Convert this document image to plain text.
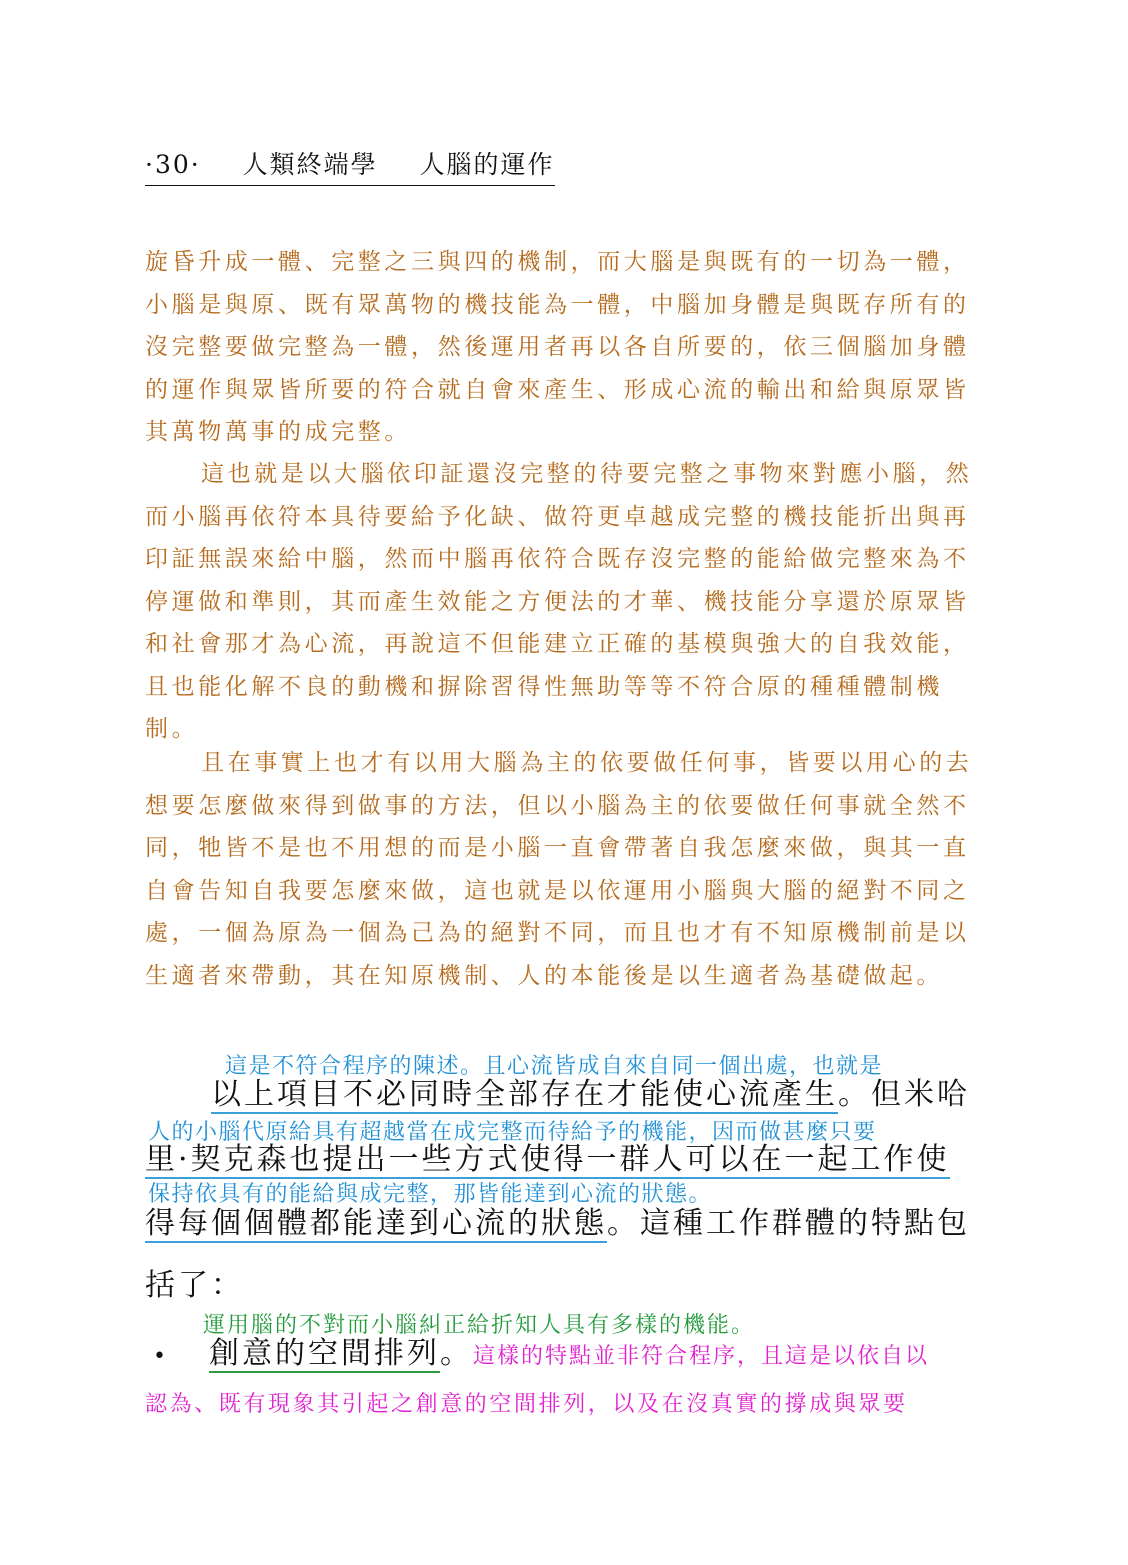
·30· 人類終端學 人腦的運作
旋昏升成一體、完整之三與四的機制，而大腦是與既有的一切為一體，小腦是與原、既有眾萬物的機技能為一體，中腦加身體是與既存所有的沒完整要做完整為一體，然後運用者再以各自所要的，依三個腦加身體的運作與眾皆所要的符合就自會來產生、形成心流的輸出和給與原眾皆其萬物萬事的成完整。
這也就是以大腦依印証還沒完整的待要完整之事物來對應小腦，然而小腦再依符本具待要給予化缺、做符更卓越成完整的機技能折出與再印証無誤來給中腦，然而中腦再依符合既存沒完整的能給做完整來為不停運做和準則，其而產生效能之方便法的才華、機技能分享還於原眾皆和社會那才為心流，再說這不但能建立正確的基模與強大的自我效能，且也能化解不良的動機和摒除習得性無助等等不符合原的種種體制機制。
且在事實上也才有以用大腦為主的依要做任何事，皆要以用心的去想要怎麼做來得到做事的方法，但以小腦為主的依要做任何事就全然不同，牠皆不是也不用想的而是小腦一直會帶著自我怎麼來做，與其一直自會告知自我要怎麼來做，這也就是以依運用小腦與大腦的絕對不同之處，一個為原為一個為己為的絕對不同，而且也才有不知原機制前是以生適者來帶動，其在知原機制、人的本能後是以生適者為基礎做起。
這是不符合程序的陳述。且心流皆成自來自同一個出處，也就是
以上項目不必同時全部存在才能使心流產生。但米哈
人的小腦代原給具有超越當在成完整而待給予的機能，因而做甚麼只要
里·契克森也提出一些方式使得一群人可以在一起工作使
保持依具有的能給與成完整，那皆能達到心流的狀態。
得每個個體都能達到心流的狀態。這種工作群體的特點包
括了：
運用腦的不對而小腦糾正給折知人具有多樣的機能。
• 創意的空間排列。這樣的特點並非符合程序，且這是以依自以
認為、既有現象其引起之創意的空間排列，以及在沒真實的撐成與眾要
